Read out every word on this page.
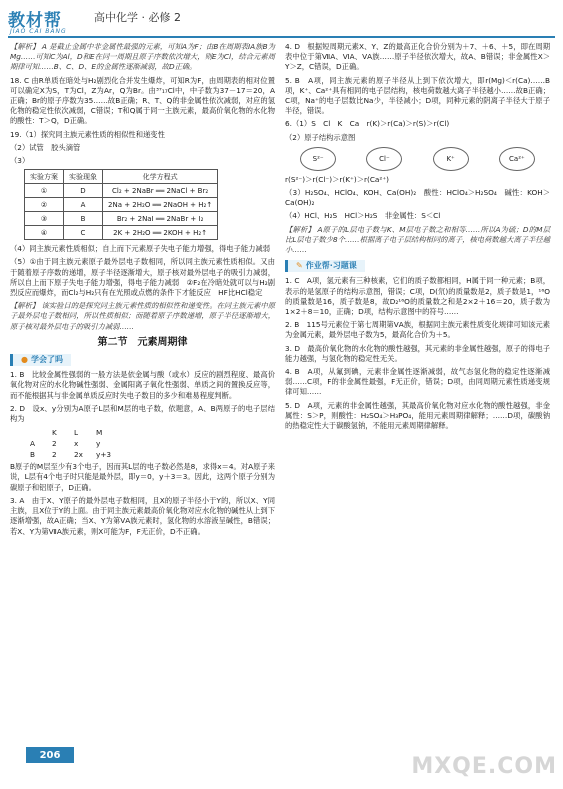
教材帮
JIAO CAI BANG
高中化学 · 必修 2

【解析】 A 是截止金属中非金属性最强的元素，可知A为F；由B在周期表IA族B为Mg……可知C为Al，D和E在同一周期且原子序数依次增大，则E为Cl，结合元素周期律可知……B、C、D、E的金属性逐渐减弱，故D正确。

18. C 由R单质在暗处与H₂剧烈化合并发生爆炸，可知R为F，由周期表的相对位置可以确定X为S，T为Cl，Z为Ar，Q为Br。由³⁷₁₇Cl中，中子数为37－17＝20，A正确；Br的原子序数为35……故B正确；R、T、Q的非金属性依次减弱，对应的氢化物的稳定性依次减弱，C错误；T和Q属于同一主族元素，最高价氧化物的水化物的酸性：T＞Q，D正确。

19.（1）探究同主族元素性质的相似性和递变性

（2）试管　胶头滴管

（3）

实验方案	实验现象	化学方程式
①	D	Cl₂ + 2NaBr ══ 2NaCl + Br₂
②	A	2Na + 2H₂O ══ 2NaOH + H₂↑
③	B	Br₂ + 2NaI ══ 2NaBr + I₂
④	C	2K + 2H₂O ══ 2KOH + H₂↑

（4）同主族元素性质相似；自上而下元素原子失电子能力增强，得电子能力减弱

（5）①由于同主族元素原子最外层电子数相同，所以同主族元素性质相似。又由于随着原子序数的递增，原子半径逐渐增大，原子核对最外层电子的吸引力减弱，所以自上而下原子失电子能力增强，得电子能力减弱　②F₂在冷暗处就可以与H₂剧烈反应而爆炸，而Cl₂与H₂只有在光照或点燃的条件下才能反应　HF比HCl稳定

【解析】 该实验目的是探究同主族元素性质的相似性和递变性。在同主族元素中原子最外层电子数相同，所以性质相似；而随着原子序数递增，原子半径逐渐增大，原子核对最外层电子的吸引力减弱……

第二节　元素周期律
● 学会了吗

1. B　比较金属性强弱的一般方法是依金属与酸（或水）反应的剧烈程度、最高价氧化物对应的水化物碱性强弱、金属阳离子氧化性强弱、单质之间的置换反应等，而不能根据其与非金属单质反应时失电子数目的多少和难易程度判断。

2. D　设x、y分别为A原子L层和M层的电子数，依题意，A、B两原子的电子层结构为

K L M
A 2 x y
B 2 2x y+3

B原子的M层至少有3个电子，因而其L层的电子数必然是8，求得x＝4。对A原子来说，L层有4个电子时只能是最外层，即y＝0，y＋3＝3。因此，这两个原子分别为碳原子和铝原子，D正确。

3. A　由于X、Y原子的最外层电子数相同，且X的原子半径小于Y的，所以X、Y同主族，且X位于Y的上面。由于同主族元素最高价氧化物对应水化物的碱性从上到下逐渐增强，故A正确；当X、Y为第ⅤA族元素时，氢化物的水溶液呈碱性，B错误；若X、Y为第ⅦA族元素，则X可能为F，F无正价，D不正确。

4. D　根据短周期元素X、Y、Z的最高正化合价分别为＋7、＋6、＋5，即在周期表中位于第ⅦA、ⅥA、ⅤA族……原子半径依次增大，故A、B错误；非金属性X＞Y＞Z，C错误，D正确。

5. B　A项，同主族元素的原子半径从上到下依次增大，即r(Mg)＜r(Ca)……B项，K⁺、Ca²⁺具有相同的电子层结构，核电荷数越大离子半径越小……故B正确；C项，Na⁺的电子层数比Na少，半径减小；D项，同种元素的阴离子半径大于原子半径，错误。

6.（1）S　Cl　K　Ca　r(K)＞r(Ca)＞r(S)＞r(Cl)

（2）原子结构示意图

S²⁻	Cl⁻	K⁺	Ca²⁺

r(S²⁻)＞r(Cl⁻)＞r(K⁺)＞r(Ca²⁺)

（3）H₂SO₄、HClO₄、KOH、Ca(OH)₂　酸性：HClO₄＞H₂SO₄　碱性：KOH＞Ca(OH)₂

（4）HCl、H₂S　HCl＞H₂S　非金属性：S＜Cl

【解析】 A原子的L层电子数与K、M层电子数之和相等……所以A为硫；D的M层比L层电子数少8个……根据离子电子层结构相同的离子，核电荷数越大离子半径越小……

✎ 作业帮·习题课

1. C　A项，氢元素有三种核素，它们的质子数都相同，H属于同一种元素；B项，表示的是氢原子的结构示意图，错误；C项，D(氘)的质量数是2，质子数是1，¹⁶O的质量数是16，质子数是8，故D₂¹⁶O的质量数之和是2×2＋16＝20，质子数为1×2＋8＝10，正确；D项，结构示意图中的符号……

2. B　115号元素位于第七周期第ⅤA族，根据同主族元素性质变化规律可知该元素为金属元素，最外层电子数为5，最高化合价为＋5。

3. D　最高价氧化物的水化物的酸性越强，其元素的非金属性越强，原子的得电子能力越强，与氢化物的稳定性无关。

4. B　A项，从氟到碘，元素非金属性逐渐减弱，故气态氢化物的稳定性逐渐减弱……C项，F的非金属性最强，F无正价，错误；D项，由同周期元素性质递变规律可知……

5. D　A项，元素的非金属性越强，其最高价氧化物对应水化物的酸性越强，非金属性：S＞P，则酸性：H₂SO₄＞H₃PO₄，能用元素周期律解释；……D项，碳酸钠的热稳定性大于碳酸氢钠，不能用元素周期律解释。

206	MXQE.COM
